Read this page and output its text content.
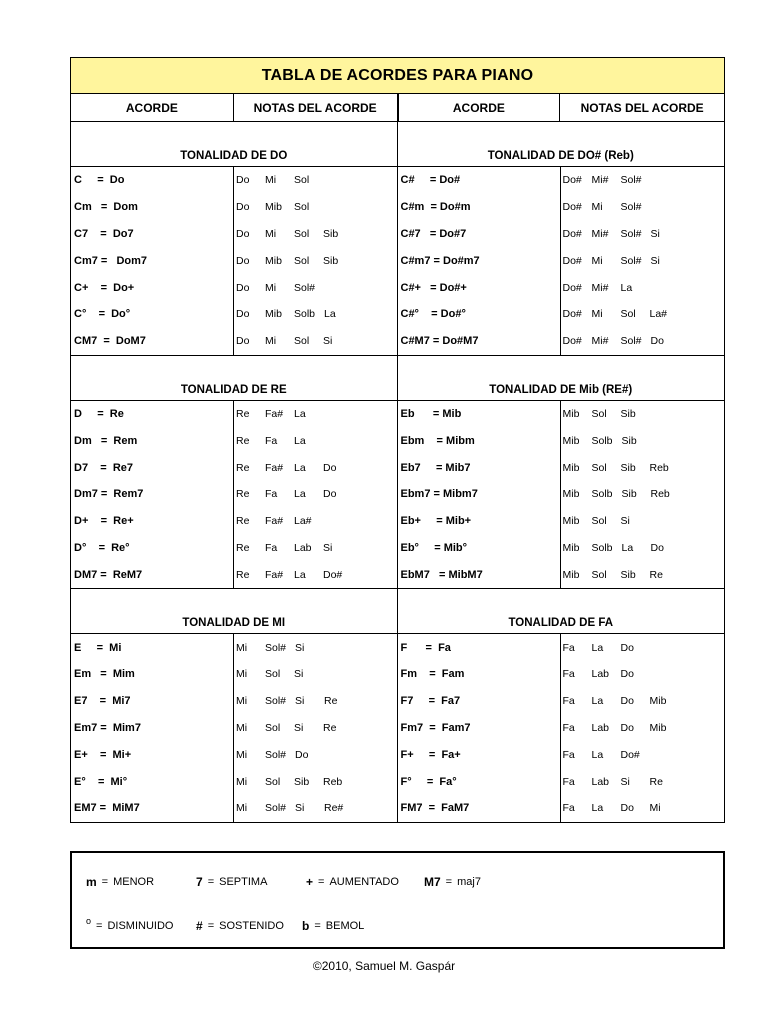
TABLA DE ACORDES PARA PIANO
ACORDE	NOTAS DEL ACORDE	ACORDE	NOTAS DEL ACORDE
TONALIDAD DE DO
C     =  Do	Do	Mi	Sol
Cm   =  Dom	Do	Mib	Sol
C7    =  Do7	Do	Mi	Sol	Sib
Cm7 =   Dom7	Do	Mib	Sol	Sib
C+    =  Do+	Do	Mi	Sol#
C°    =  Do°	Do	Mib	Solb La
CM7  =  DoM7	Do	Mi	Sol	Si
TONALIDAD DE DO# (Reb)
C#     = Do#	Do# Mi#	Sol#
C#m  = Do#m	Do# Mi	Sol#
C#7   = Do#7	Do# Mi#	Sol# Si
C#m7 = Do#m7	Do# Mi	Sol# Si
C#+   = Do#+	Do# Mi#	La
C#°    = Do#°	Do# Mi	Sol	La#
C#M7 = Do#M7	Do# Mi#	Sol# Do
TONALIDAD DE RE
D     =  Re	Re	Fa#	La
Dm   =  Rem	Re	Fa	La
D7    =  Re7	Re	Fa#	La	Do
Dm7 =  Rem7	Re	Fa	La	Do
D+    =  Re+	Re	Fa#	La#
D°    =  Re°	Re	Fa	Lab	Si
DM7 =  ReM7	Re	Fa#	La	Do#
TONALIDAD DE Mib (RE#)
Eb      = Mib	Mib	Sol	Sib
Ebm    = Mibm	Mib	Solb Sib
Eb7     = Mib7	Mib	Sol	Sib	Reb
Ebm7 = Mibm7	Mib	Solb Sib	Reb
Eb+     = Mib+	Mib	Sol	Si
Eb°     = Mib°	Mib	Solb La	Do
EbM7   = MibM7	Mib	Sol	Sib	Re
TONALIDAD DE MI
E     =  Mi	Mi	Sol# Si
Em   =  Mim	Mi	Sol	Si
E7    =  Mi7	Mi	Sol# Si	Re
Em7 =  Mim7	Mi	Sol	Si	Re
E+    =  Mi+	Mi	Sol# Do
E°    =  Mi°	Mi	Sol	Sib	Reb
EM7 =  MiM7	Mi	Sol# Si	Re#
TONALIDAD DE FA
F      =  Fa	Fa	La	Do
Fm    =  Fam	Fa	Lab	Do
F7     =  Fa7	Fa	La	Do	Mib
Fm7  =  Fam7	Fa	Lab	Do	Mib
F+     =  Fa+	Fa	La	Do#
F°     =  Fa°	Fa	Lab	Si	Re
FM7  =  FaM7	Fa	La	Do	Mi
m = MENOR	7 = SEPTIMA	+ = AUMENTADO M7 = maj7
o = DISMINUIDO # = SOSTENIDO b = BEMOL
©2010, Samuel M. Gaspár
